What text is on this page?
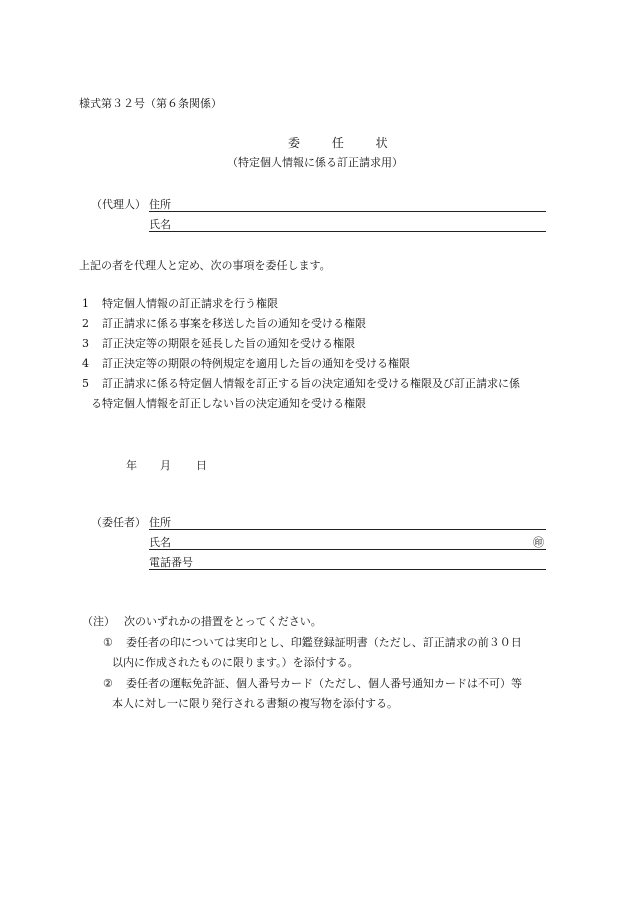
様式第３２号（第６条関係）
委 任 状
（特定個人情報に係る訂正請求用）
（代理人） 住所
氏名
上記の者を代理人と定め、次の事項を委任します。
1 特定個人情報の訂正請求を行う権限
2 訂正請求に係る事案を移送した旨の通知を受ける権限
3 訂正決定等の期限を延長した旨の通知を受ける権限
4 訂正決定等の期限の特例規定を適用した旨の通知を受ける権限
5 訂正請求に係る特定個人情報を訂正する旨の決定通知を受ける権限及び訂正請求に係
る特定個人情報を訂正しない旨の決定通知を受ける権限
年 月 日
（委任者） 住所
氏名	㊞
電話番号
（注） 次のいずれかの措置をとってください。
① 委任者の印については実印とし、印鑑登録証明書（ただし、訂正請求の前３０日
以内に作成されたものに限ります。）を添付する。
② 委任者の運転免許証、個人番号カード（ただし、個人番号通知カードは不可）等
本人に対し一に限り発行される書類の複写物を添付する。
